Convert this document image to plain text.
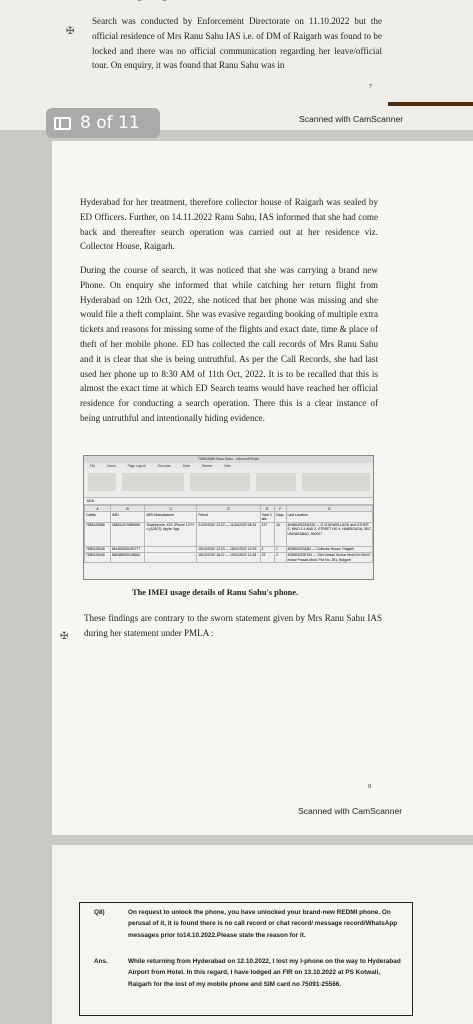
✠
Search was conducted by Enforcement Directorate on 11.10.2022 but the official residence of Mrs Ranu Sahu IAS i.e. of DM of Raigarh was found to be locked and there was no official communication regarding her leave/official tour. On enquiry, it was found that Ranu Sahu was in
7
Scanned with CamScanner
8 of 11
Hyderabad for her treatment, therefore collector house of Raigarh was sealed by ED Officers. Further, on 14.11.2022 Ranu Sahu, IAS informed that she had come back and thereafter search operation was carried out at her residence viz. Collector House, Raigarh.
During the course of search, it was noticed that she was carrying a brand new Phone. On enquiry she informed that while catching her return flight from Hyderabad on 12th Oct, 2022, she noticed that her phone was missing and she would file a theft complaint. She was evasive regarding booking of multiple extra tickets and reasons for missing some of the flights and exact date, time & place of theft of her mobile phone. ED has collected the call records of Mrs Ranu Sahu and it is clear that she is being untruthful. As per the Call Records, she had last used her phone up to 8:30 AM of 11th Oct, 2022. It is to be recalled that this is almost the exact time at which ED Search teams would have reached her official residence for conducting a search operation. There this is a clear instance of being untruthful and intentionally hiding evidence.
The IMEI usage details of Ranu Sahu's phone.
These findings are contrary to the sworn statement given by Mrs Ranu Sahu IAS during her statement under PMLA :
✠
8
Scanned with CamScanner
758512586 Ranu Sahu - Microsoft Excel
File	Home	Page Layout	Formulas	Data	Review	View
M15
A	B	C	D	E	F	G
CallNo	IMEI	IMEI Manufacturer	Period	Total Calls	Days	Last Location
7585125586	358611074985585	Smartphone, iOS, iPhone 12 Pro (A2407), Apple, App	21/09/2022 12:22 — 11/10/2022 08:34	137	16	405864902ADA30 — G.VIJAYAVILLAGE and OTHERS, MNO 3-1 AND 2, STREET NO 4, HABSIGUDA, SECUNDARABAD, 500007
7589125046	861894055290777		18/10/2022 12:03 — 18/10/2022 12:03	1	1	405863023AD0 — Collector House, Raigarh
7589125046	865388050105552		18/10/2022 18:27 — 19/10/2022 11:28	22	2	405863023F531 — Shri Umesh Kumar Modi S/o Shri Keshav Prasad Modi, Plot No. 281, Raigarh
Q8)	On request to unlock the phone, you have unlocked your brand-new REDMI phone. On perusal of it, it is found there is no call record or chat record/ message record/WhatsApp messages prior to14.10.2022.Please state the reason for it.
Ans.	While returning from Hyderabad on 12.10.2022, I lost my I-phone on the way to Hyderabad Airport from Hotel. In this regard, I have lodged an FIR on 13.10.2022 at PS Kotwali, Raigarh for the lost of my mobile phone and SIM card no 75091-25566.
